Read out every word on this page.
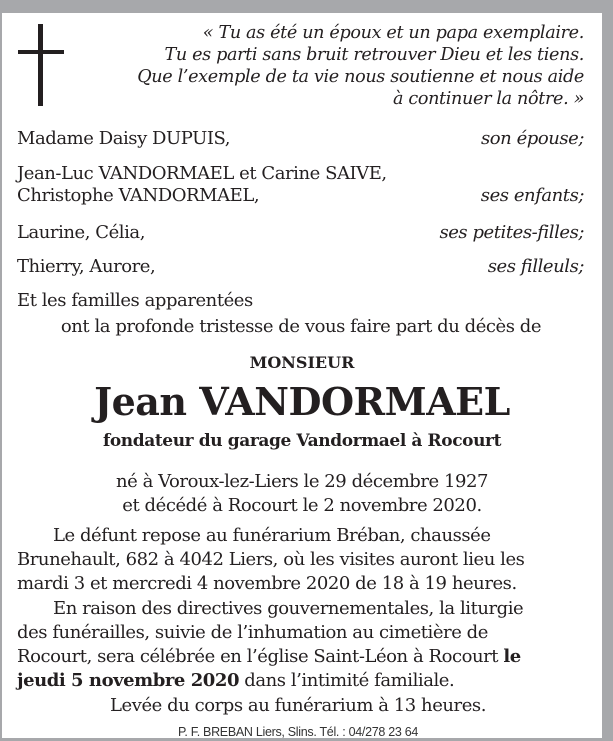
« Tu as été un époux et un papa exemplaire.
Tu es parti sans bruit retrouver Dieu et les tiens.
Que l’exemple de ta vie nous soutienne et nous aide
à continuer la nôtre. »
Madame Daisy DUPUIS,	son épouse;
Jean-Luc VANDORMAEL et Carine SAIVE,
Christophe VANDORMAEL,	ses enfants;
Laurine, Célia,	ses petites-filles;
Thierry, Aurore,	ses filleuls;
Et les familles apparentées
ont la profonde tristesse de vous faire part du décès de
MONSIEUR
Jean VANDORMAEL
fondateur du garage Vandormael à Rocourt
né à Voroux-lez-Liers le 29 décembre 1927
et décédé à Rocourt le 2 novembre 2020.
Le défunt repose au funérarium Bréban, chaussée
Brunehault, 682 à 4042 Liers, où les visites auront lieu les
mardi 3 et mercredi 4 novembre 2020 de 18 à 19 heures.
En raison des directives gouvernementales, la liturgie
des funérailles, suivie de l’inhumation au cimetière de
Rocourt, sera célébrée en l’église Saint-Léon à Rocourt le
jeudi 5 novembre 2020 dans l’intimité familiale.
Levée du corps au funérarium à 13 heures.
P. F. BREBAN Liers, Slins. Tél. : 04/278 23 64
